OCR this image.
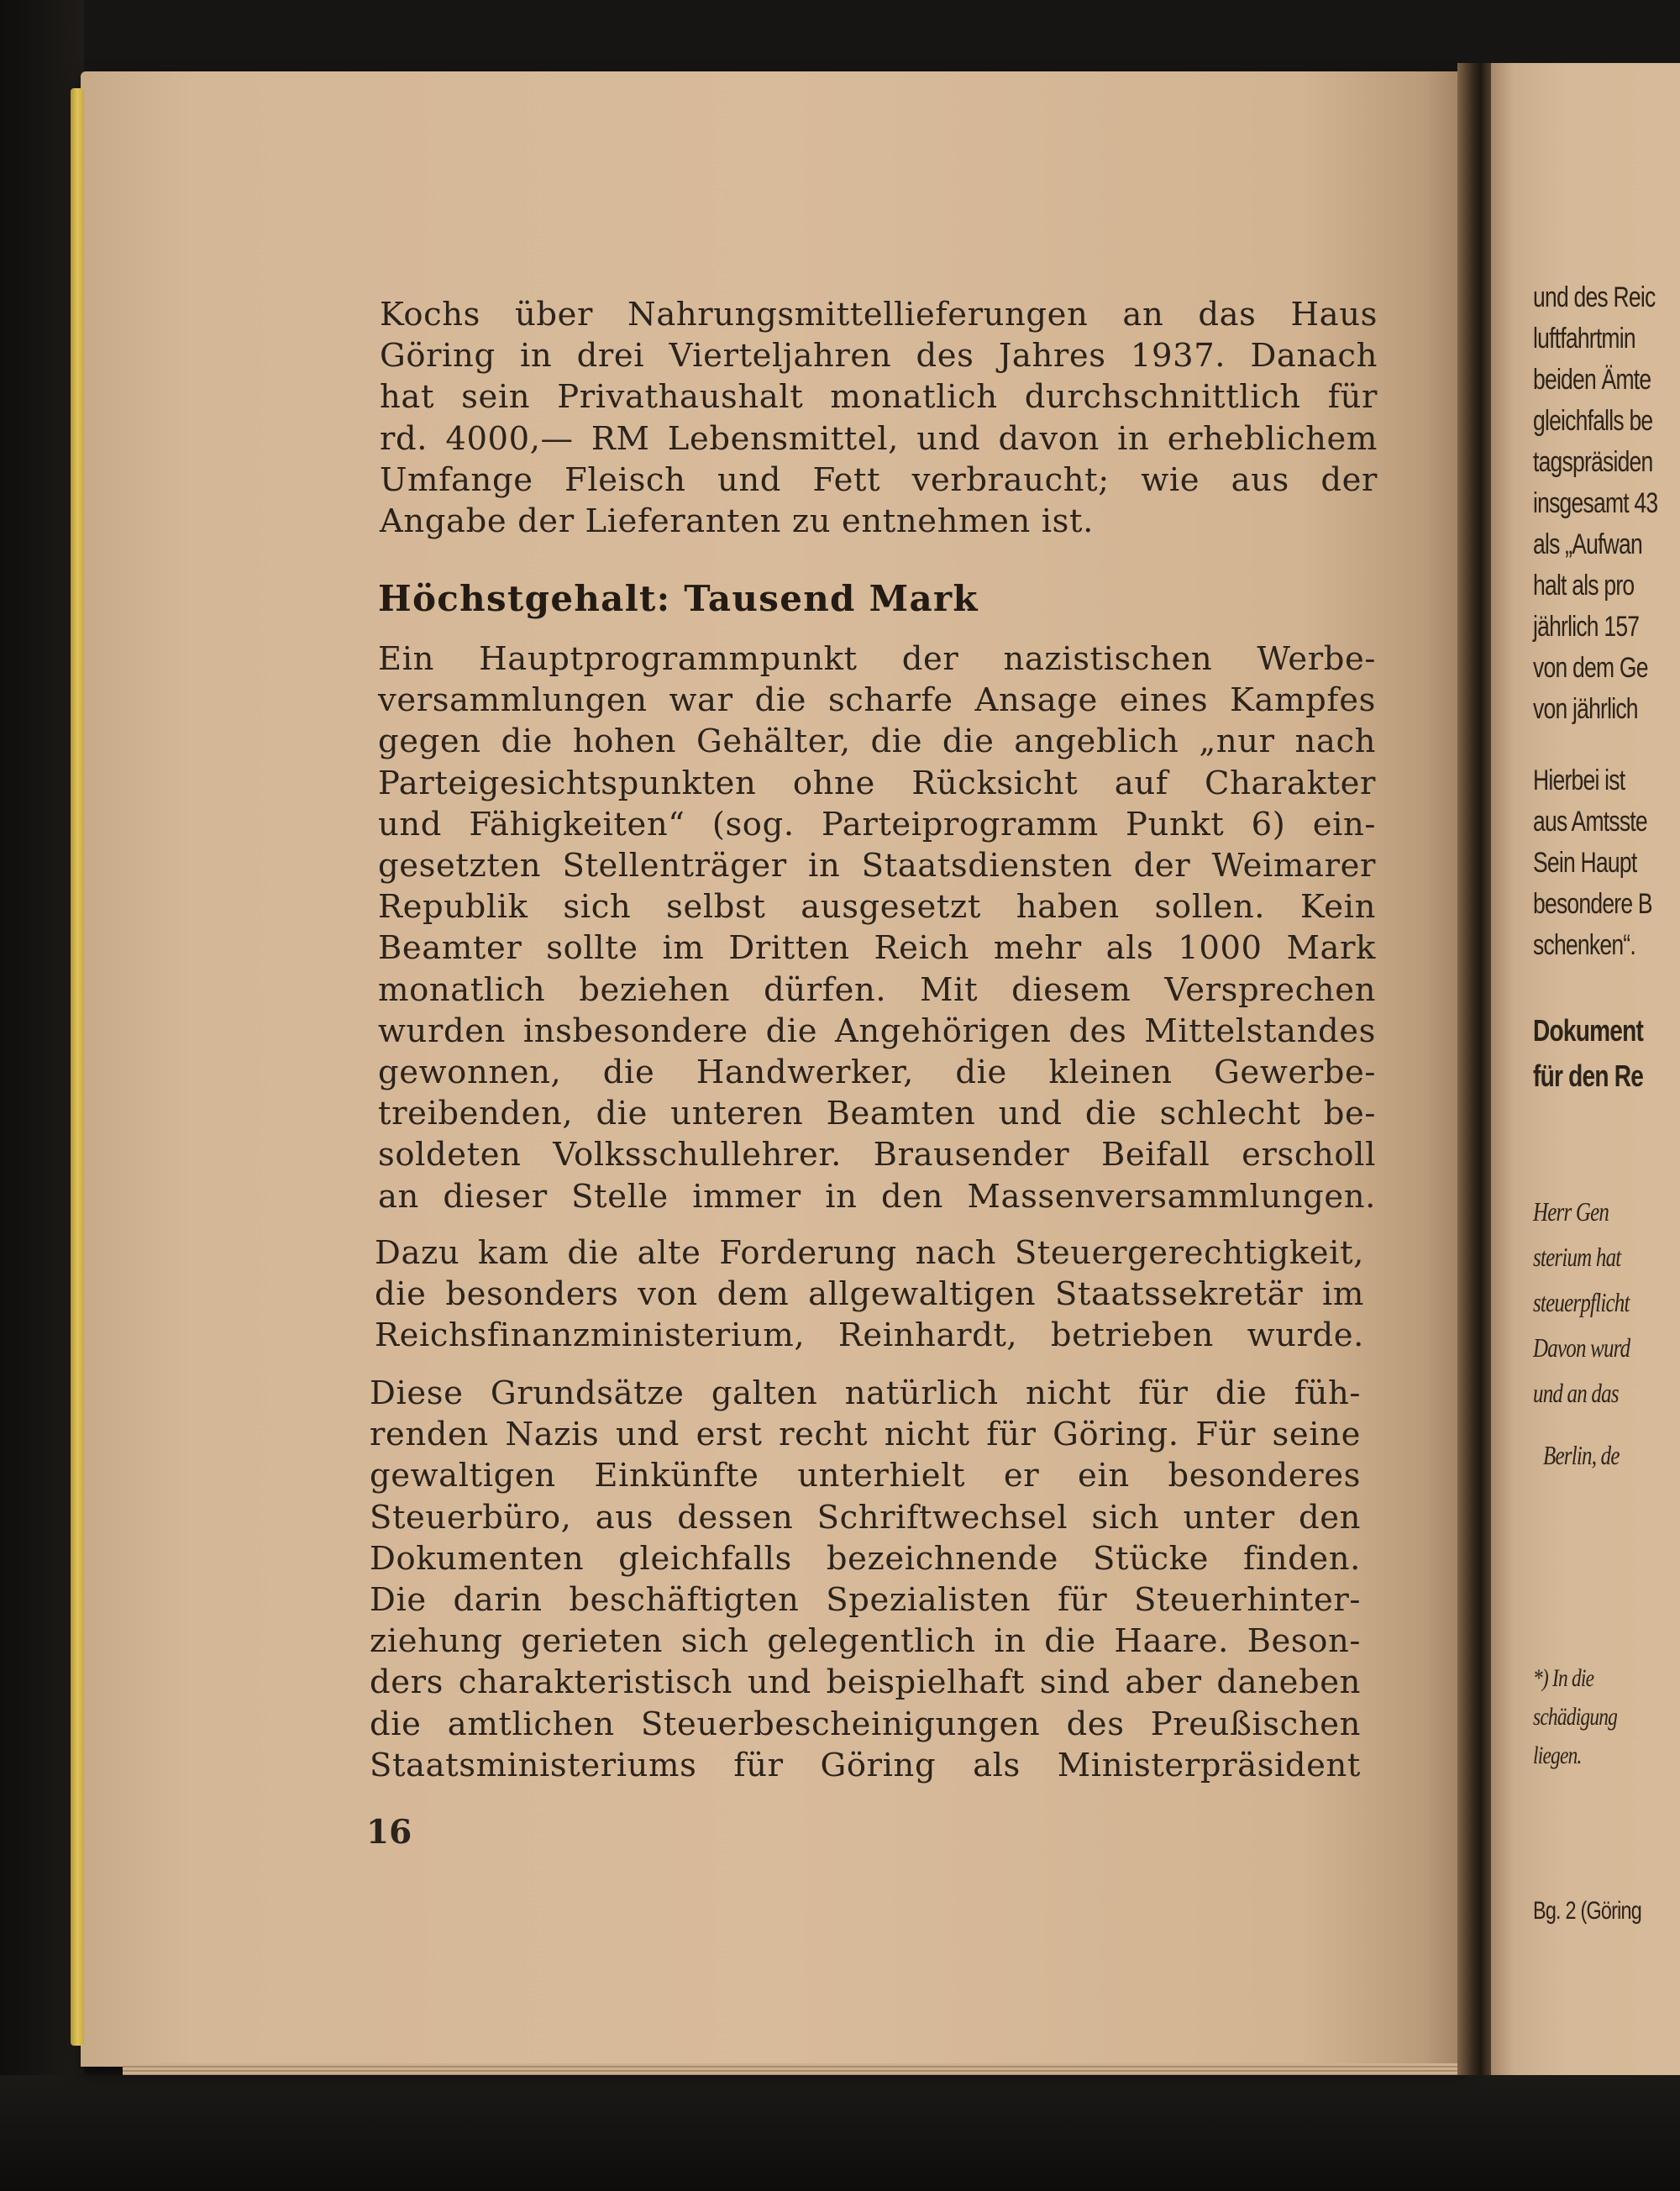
und des Reic
luftfahrtmin
beiden Ämte
gleichfalls be
tagspräsiden
insgesamt 43
als „Aufwan
halt als pro
jährlich 157
von dem Ge
von jährlich
Hierbei ist
aus Amtsste
Sein Haupt
besondere B
schenken“.
Dokument
für den Re
Herr Gen
sterium hat
steuerpflicht
Davon wurd
und an das
Berlin, de
*) In die
schädigung
liegen.
Bg. 2 (Göring
Kochs über Nahrungsmittellieferungen an das Haus
Göring in drei Vierteljahren des Jahres 1937. Danach
hat sein Privathaushalt monatlich durchschnittlich für
rd. 4000,— RM Lebensmittel, und davon in erheblichem
Umfange Fleisch und Fett verbraucht; wie aus der
Angabe der Lieferanten zu entnehmen ist.
Höchstgehalt: Tausend Mark
Ein Hauptprogrammpunkt der nazistischen Werbe-
versammlungen war die scharfe Ansage eines Kampfes
gegen die hohen Gehälter, die die angeblich „nur nach
Parteigesichtspunkten ohne Rücksicht auf Charakter
und Fähigkeiten“ (sog. Parteiprogramm Punkt 6) ein-
gesetzten Stellenträger in Staatsdiensten der Weimarer
Republik sich selbst ausgesetzt haben sollen. Kein
Beamter sollte im Dritten Reich mehr als 1000 Mark
monatlich beziehen dürfen. Mit diesem Versprechen
wurden insbesondere die Angehörigen des Mittelstandes
gewonnen, die Handwerker, die kleinen Gewerbe-
treibenden, die unteren Beamten und die schlecht be-
soldeten Volksschullehrer. Brausender Beifall erscholl
an dieser Stelle immer in den Massenversammlungen.
Dazu kam die alte Forderung nach Steuergerechtigkeit,
die besonders von dem allgewaltigen Staatssekretär im
Reichsfinanzministerium, Reinhardt, betrieben wurde.
Diese Grundsätze galten natürlich nicht für die füh-
renden Nazis und erst recht nicht für Göring. Für seine
gewaltigen Einkünfte unterhielt er ein besonderes
Steuerbüro, aus dessen Schriftwechsel sich unter den
Dokumenten gleichfalls bezeichnende Stücke finden.
Die darin beschäftigten Spezialisten für Steuerhinter-
ziehung gerieten sich gelegentlich in die Haare. Beson-
ders charakteristisch und beispielhaft sind aber daneben
die amtlichen Steuerbescheinigungen des Preußischen
Staatsministeriums für Göring als Ministerpräsident

16
